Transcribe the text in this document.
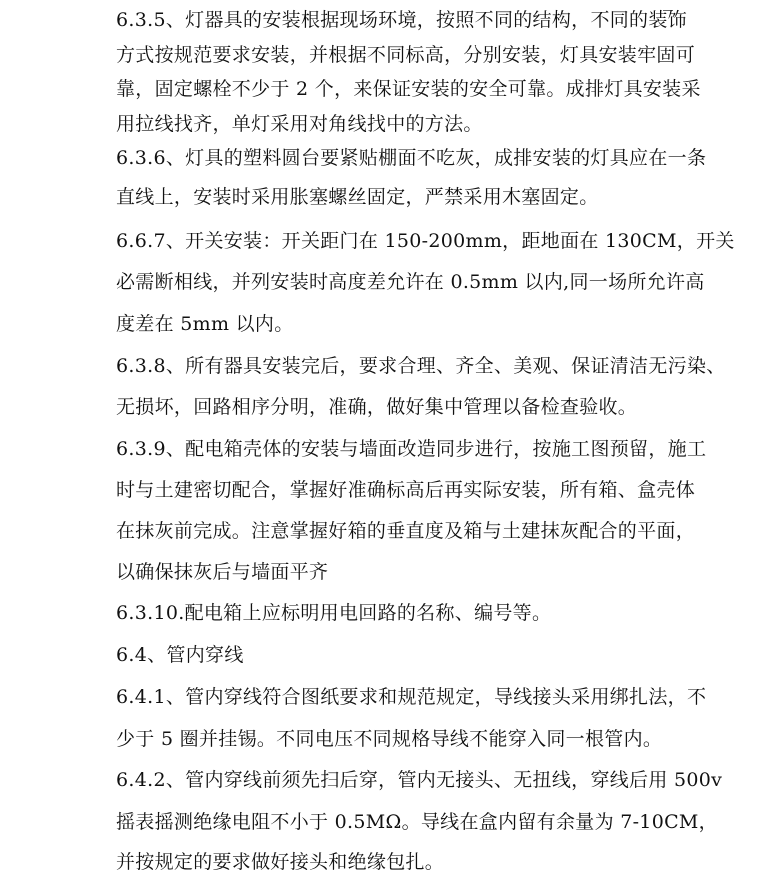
6.3.5、灯器具的安装根据现场环境，按照不同的结构，不同的装饰
方式按规范要求安装，并根据不同标高，分别安装，灯具安装牢固可
靠，固定螺栓不少于 2 个，来保证安装的安全可靠。成排灯具安装采
用拉线找齐，单灯采用对角线找中的方法。
6.3.6、灯具的塑料圆台要紧贴棚面不吃灰，成排安装的灯具应在一条
直线上，安装时采用胀塞螺丝固定，严禁采用木塞固定。
6.6.7、开关安装：开关距门在 150-200mm，距地面在 130CM，开关
必需断相线，并列安装时高度差允许在 0.5mm 以内,同一场所允许高
度差在 5mm 以内。
6.3.8、所有器具安装完后，要求合理、齐全、美观、保证清洁无污染、
无损坏，回路相序分明，准确，做好集中管理以备检查验收。
6.3.9、配电箱壳体的安装与墙面改造同步进行，按施工图预留，施工
时与土建密切配合，掌握好准确标高后再实际安装，所有箱、盒壳体
在抹灰前完成。注意掌握好箱的垂直度及箱与土建抹灰配合的平面，
以确保抹灰后与墙面平齐
6.3.10.配电箱上应标明用电回路的名称、编号等。
6.4、管内穿线
6.4.1、管内穿线符合图纸要求和规范规定，导线接头采用绑扎法，不
少于 5 圈并挂锡。不同电压不同规格导线不能穿入同一根管内。
6.4.2、管内穿线前须先扫后穿，管内无接头、无扭线，穿线后用 500v
摇表摇测绝缘电阻不小于 0.5MΩ。导线在盒内留有余量为 7-10CM，
并按规定的要求做好接头和绝缘包扎。
